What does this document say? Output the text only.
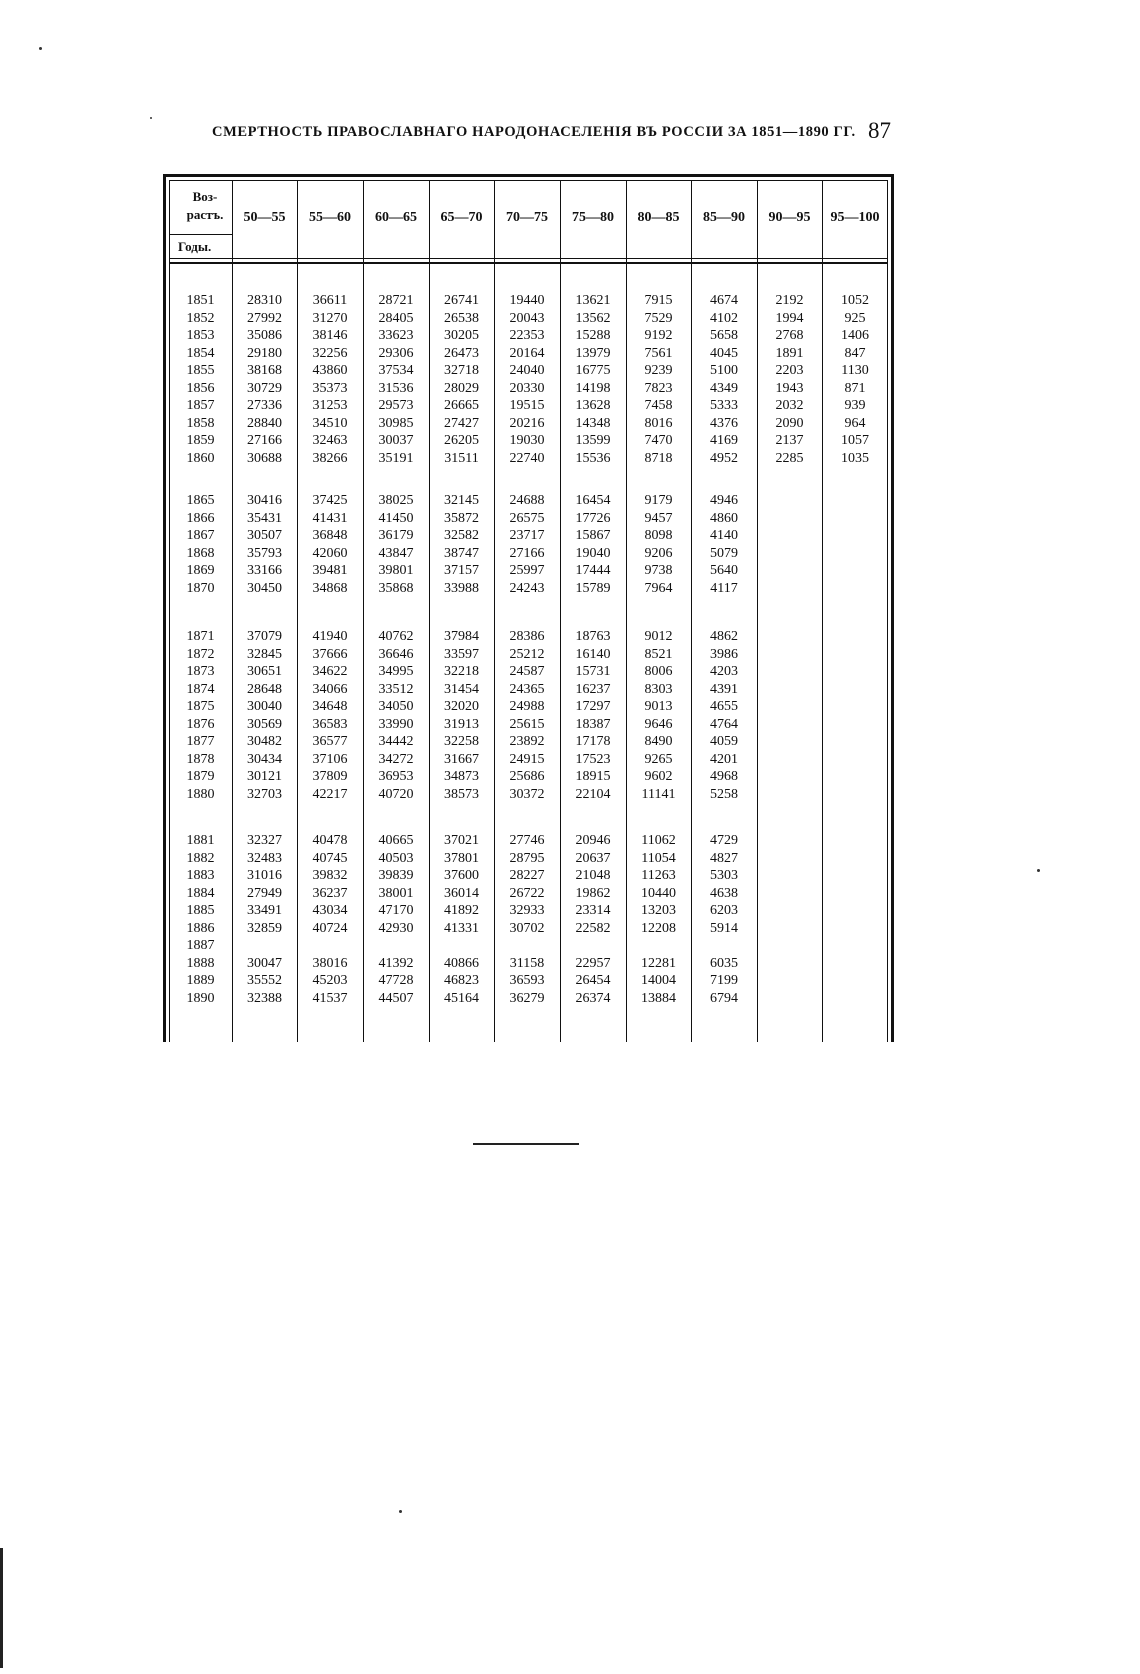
СМЕРТНОСТЬ ПРАВОСЛАВНАГО НАРОДОНАСЕЛЕНІЯ ВЪ РОССІИ ЗА 1851—1890 ГГ. 87
Воз- растъ.
Годы.
50—55	55—60	60—65	65—70	70—75	75—80	80—85	85—90	90—95	95—100
1851	28310	36611	28721	26741	19440	13621	7915	4674	2192	1052
1852	27992	31270	28405	26538	20043	13562	7529	4102	1994	925
1853	35086	38146	33623	30205	22353	15288	9192	5658	2768	1406
1854	29180	32256	29306	26473	20164	13979	7561	4045	1891	847
1855	38168	43860	37534	32718	24040	16775	9239	5100	2203	1130
1856	30729	35373	31536	28029	20330	14198	7823	4349	1943	871
1857	27336	31253	29573	26665	19515	13628	7458	5333	2032	939
1858	28840	34510	30985	27427	20216	14348	8016	4376	2090	964
1859	27166	32463	30037	26205	19030	13599	7470	4169	2137	1057
1860	30688	38266	35191	31511	22740	15536	8718	4952	2285	1035
1865	30416	37425	38025	32145	24688	16454	9179	4946
1866	35431	41431	41450	35872	26575	17726	9457	4860
1867	30507	36848	36179	32582	23717	15867	8098	4140
1868	35793	42060	43847	38747	27166	19040	9206	5079
1869	33166	39481	39801	37157	25997	17444	9738	5640
1870	30450	34868	35868	33988	24243	15789	7964	4117
1871	37079	41940	40762	37984	28386	18763	9012	4862
1872	32845	37666	36646	33597	25212	16140	8521	3986
1873	30651	34622	34995	32218	24587	15731	8006	4203
1874	28648	34066	33512	31454	24365	16237	8303	4391
1875	30040	34648	34050	32020	24988	17297	9013	4655
1876	30569	36583	33990	31913	25615	18387	9646	4764
1877	30482	36577	34442	32258	23892	17178	8490	4059
1878	30434	37106	34272	31667	24915	17523	9265	4201
1879	30121	37809	36953	34873	25686	18915	9602	4968
1880	32703	42217	40720	38573	30372	22104	11141	5258
1881	32327	40478	40665	37021	27746	20946	11062	4729
1882	32483	40745	40503	37801	28795	20637	11054	4827
1883	31016	39832	39839	37600	28227	21048	11263	5303
1884	27949	36237	38001	36014	26722	19862	10440	4638
1885	33491	43034	47170	41892	32933	23314	13203	6203
1886	32859	40724	42930	41331	30702	22582	12208	5914
1887
1888	30047	38016	41392	40866	31158	22957	12281	6035
1889	35552	45203	47728	46823	36593	26454	14004	7199
1890	32388	41537	44507	45164	36279	26374	13884	6794
